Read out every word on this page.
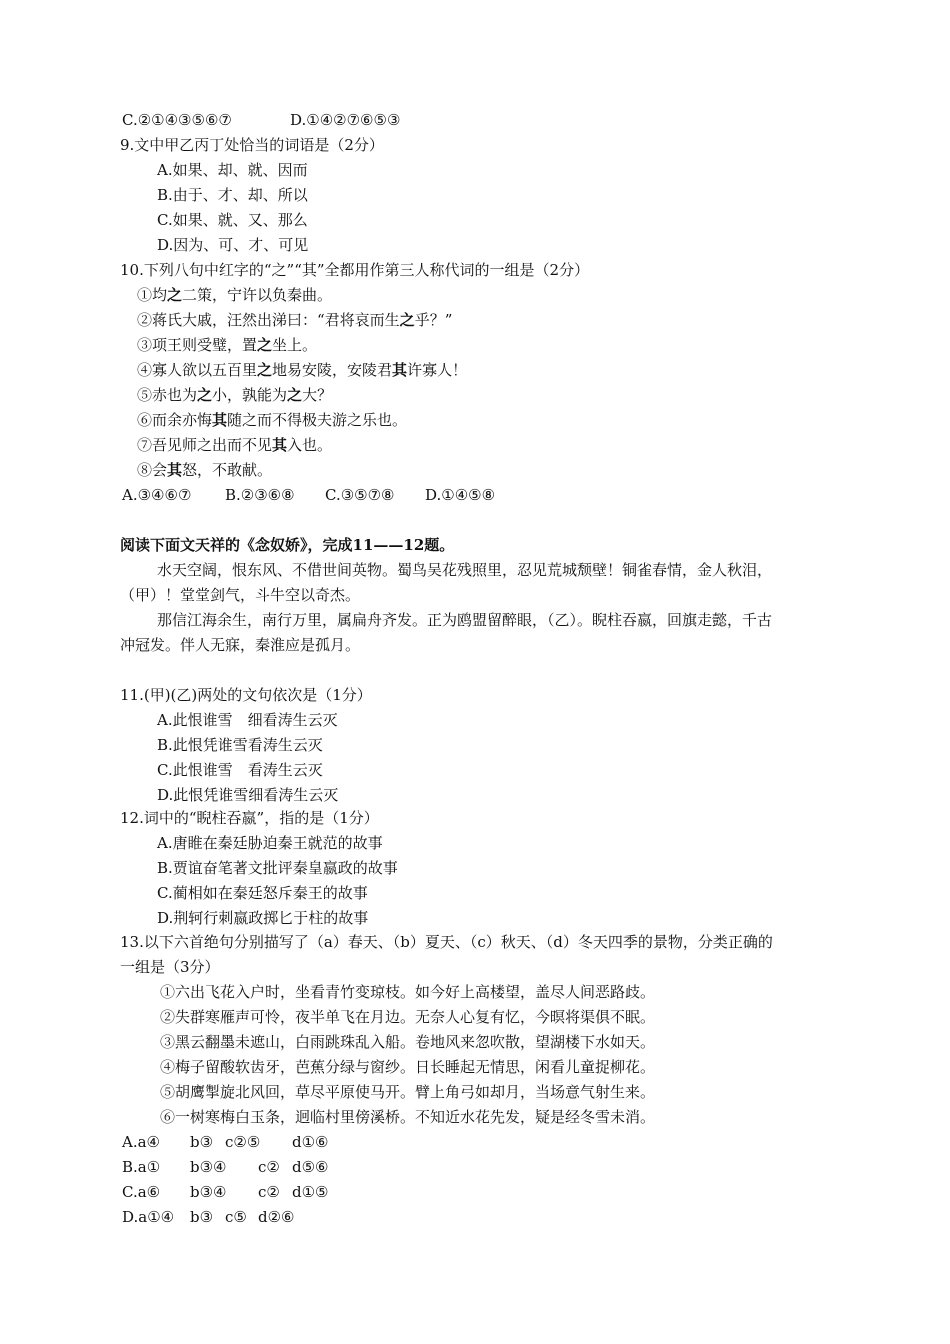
C.②①④③⑤⑥⑦	D.①④②⑦⑥⑤③
9.文中甲乙丙丁处恰当的词语是（2分）
A.如果、却、就、因而
B.由于、才、却、所以
C.如果、就、又、那么
D.因为、可、才、可见
10.下列八句中红字的“之”“其”全都用作第三人称代词的一组是（2分）
①均之二策，宁许以负秦曲。
②蒋氏大戚，汪然出涕曰：“君将哀而生之乎？”
③项王则受璧，置之坐上。
④寡人欲以五百里之地易安陵，安陵君其许寡人！
⑤赤也为之小，孰能为之大？
⑥而余亦悔其随之而不得极夫游之乐也。
⑦吾见师之出而不见其入也。
⑧会其怒，不敢献。
A.③④⑥⑦ B.②③⑥⑧ C.③⑤⑦⑧ D.①④⑤⑧
阅读下面文天祥的《念奴娇》，完成11——12题。
水天空阔，恨东风、不借世间英物。蜀鸟吴花残照里，忍见荒城颓壁！铜雀春情，金人秋泪，
（甲）！堂堂剑气，斗牛空以奇杰。
那信江海余生，南行万里，属扁舟齐发。正为鸥盟留醉眼，（乙）。睨柱吞嬴，回旗走懿，千古
冲冠发。伴人无寐，秦淮应是孤月。
11.(甲)(乙)两处的文句依次是（1分）
A.此恨谁雪　细看涛生云灭
B.此恨凭谁雪看涛生云灭
C.此恨谁雪　看涛生云灭
D.此恨凭谁雪细看涛生云灭
12.词中的“睨柱吞嬴”，指的是（1分）
A.唐睢在秦廷胁迫秦王就范的故事
B.贾谊奋笔著文批评秦皇嬴政的故事
C.蔺相如在秦廷怒斥秦王的故事
D.荆轲行刺嬴政掷匕于柱的故事
13.以下六首绝句分别描写了（a）春天、（b）夏天、（c）秋天、（d）冬天四季的景物，分类正确的
一组是（3分）
①六出飞花入户时，坐看青竹变琼枝。如今好上高楼望，盖尽人间恶路歧。
②失群寒雁声可怜，夜半单飞在月边。无奈人心复有忆，今暝将渠俱不眠。
③黑云翻墨未遮山，白雨跳珠乱入船。卷地风来忽吹散，望湖楼下水如天。
④梅子留酸软齿牙，芭蕉分绿与窗纱。日长睡起无情思，闲看儿童捉柳花。
⑤胡鹰掣旋北风回，草尽平原使马开。臂上角弓如却月，当场意气射生来。
⑥一树寒梅白玉条，迥临村里傍溪桥。不知近水花先发，疑是经冬雪未消。
A.a④ b③ c②⑤ d①⑥
B.a① b③④ c② d⑤⑥
C.a⑥ b③④ c② d①⑤
D.a①④ b③ c⑤ d②⑥
